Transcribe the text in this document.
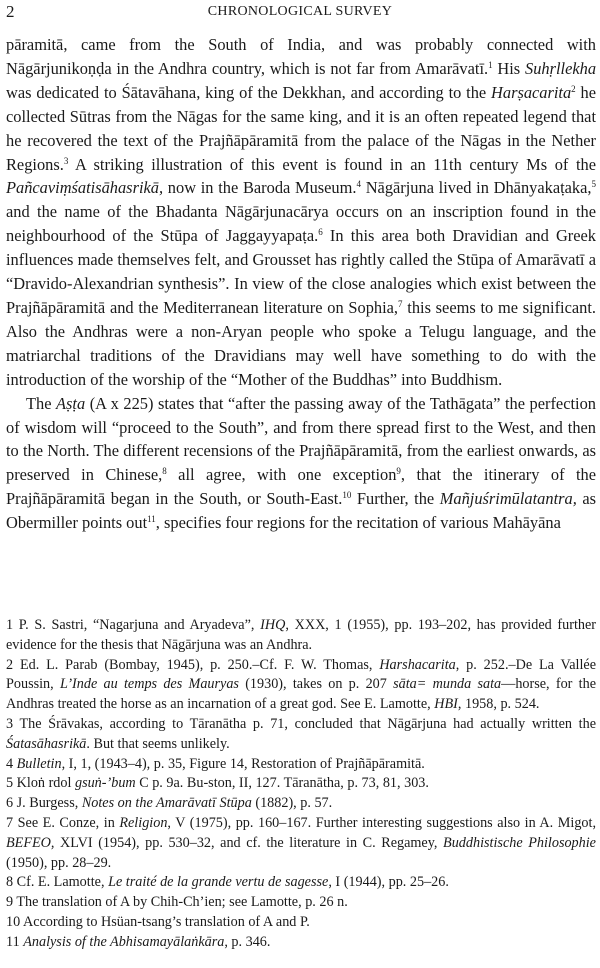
2	CHRONOLOGICAL SURVEY

pāramitā, came from the South of India, and was probably connected with Nāgārjunikoṇḍa in the Andhra country, which is not far from Amarāvatī.$^1$ His Suhṛllekha was dedicated to Śātavāhana, king of the Dekkhan, and according to the Harṣacarita$^2$ he collected Sūtras from the Nāgas for the same king, and it is an often repeated legend that he recovered the text of the Prajñāpāramitā from the palace of the Nāgas in the Nether Regions.$^3$ A striking illustration of this event is found in an 11th century Ms of the Pañcaviṃśatisāhasrikā, now in the Baroda Museum.$^4$ Nāgārjuna lived in Dhānyakaṭaka,$^5$ and the name of the Bhadanta Nāgārjunacārya occurs on an inscription found in the neighbourhood of the Stūpa of Jaggayyapaṭa.$^6$ In this area both Dravidian and Greek influences made themselves felt, and Grousset has rightly called the Stūpa of Amarāvatī a “Dravido-Alexandrian synthesis”. In view of the close analogies which exist between the Prajñāpāramitā and the Mediterranean literature on Sophia,$^7$ this seems to me significant. Also the Andhras were a non-Aryan people who spoke a Telugu language, and the matriarchal traditions of the Dravidians may well have something to do with the introduction of the worship of the “Mother of the Buddhas” into Buddhism.

The Aṣṭa (A x 225) states that “after the passing away of the Tathāgata” the perfection of wisdom will “proceed to the South”, and from there spread first to the West, and then to the North. The different recensions of the Prajñāpāramitā, from the earliest onwards, as preserved in Chinese,$^8$ all agree, with one exception$^9$, that the itinerary of the Prajñāpāramitā began in the South, or South-East.$^{10}$ Further, the Mañjuśrimūlatantra, as Obermiller points out$^{11}$, specifies four regions for the recitation of various Mahāyāna

1 P. S. Sastri, “Nagarjuna and Aryadeva”, IHQ, XXX, 1 (1955), pp. 193–202, has provided further evidence for the thesis that Nāgārjuna was an Andhra.
2 Ed. L. Parab (Bombay, 1945), p. 250.–Cf. F. W. Thomas, Harshacarita, p. 252.–De La Vallée Poussin, L’Inde au temps des Mauryas (1930), takes on p. 207 sāta= munda sata—horse, for the Andhras treated the horse as an incarnation of a great god. See E. Lamotte, HBI, 1958, p. 524.
3 The Śrāvakas, according to Tāranātha p. 71, concluded that Nāgārjuna had actually written the Śatasāhasrikā. But that seems unlikely.
4 Bulletin, I, 1, (1943–4), p. 35, Figure 14, Restoration of Prajñāpāramitā.
5 Kloṅ rdol gsuṅ-’bum C p. 9a. Bu-ston, II, 127. Tāranātha, p. 73, 81, 303.
6 J. Burgess, Notes on the Amarāvatī Stūpa (1882), p. 57.
7 See E. Conze, in Religion, V (1975), pp. 160–167. Further interesting suggestions also in A. Migot, BEFEO, XLVI (1954), pp. 530–32, and cf. the literature in C. Regamey, Buddhistische Philosophie (1950), pp. 28–29.
8 Cf. E. Lamotte, Le traité de la grande vertu de sagesse, I (1944), pp. 25–26.
9 The translation of A by Chih-Ch’ien; see Lamotte, p. 26 n.
10 According to Hsüan-tsang’s translation of A and P.
11 Analysis of the Abhisamayālaṅkāra, p. 346.
